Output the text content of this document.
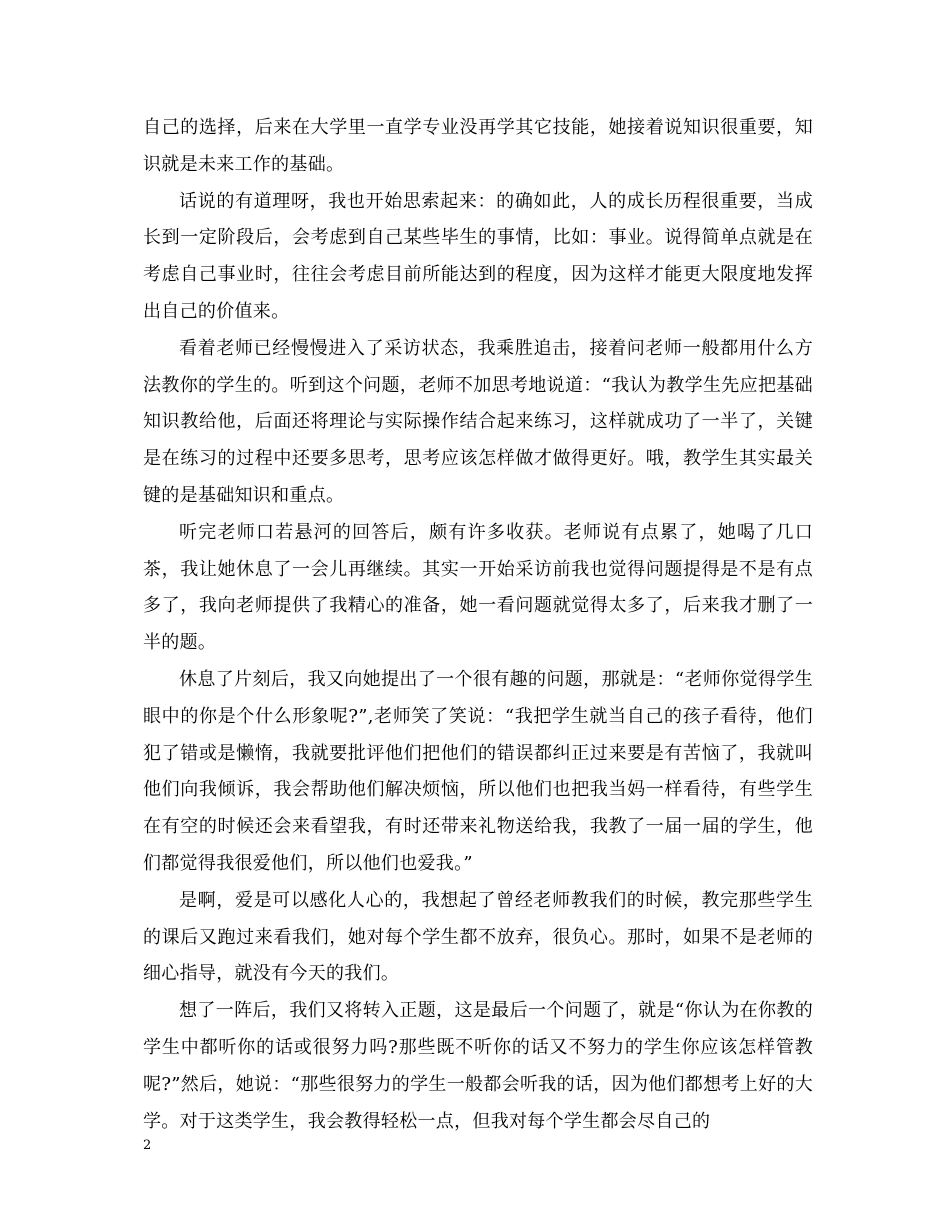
自己的选择，后来在大学里一直学专业没再学其它技能，她接着说知识很重要，知识就是未来工作的基础。

话说的有道理呀，我也开始思索起来：的确如此，人的成长历程很重要，当成长到一定阶段后，会考虑到自己某些毕生的事情，比如：事业。说得简单点就是在考虑自己事业时，往往会考虑目前所能达到的程度，因为这样才能更大限度地发挥出自己的价值来。

看着老师已经慢慢进入了采访状态，我乘胜追击，接着问老师一般都用什么方法教你的学生的。听到这个问题，老师不加思考地说道：“我认为教学生先应把基础知识教给他，后面还将理论与实际操作结合起来练习，这样就成功了一半了，关键是在练习的过程中还要多思考，思考应该怎样做才做得更好。哦，教学生其实最关键的是基础知识和重点。

听完老师口若悬河的回答后，颇有许多收获。老师说有点累了，她喝了几口茶，我让她休息了一会儿再继续。其实一开始采访前我也觉得问题提得是不是有点多了，我向老师提供了我精心的准备，她一看问题就觉得太多了，后来我才删了一半的题。

休息了片刻后，我又向她提出了一个很有趣的问题，那就是：“老师你觉得学生眼中的你是个什么形象呢?”,老师笑了笑说：“我把学生就当自己的孩子看待，他们犯了错或是懒惰，我就要批评他们把他们的错误都纠正过来要是有苦恼了，我就叫他们向我倾诉，我会帮助他们解决烦恼，所以他们也把我当妈一样看待，有些学生在有空的时候还会来看望我，有时还带来礼物送给我，我教了一届一届的学生，他们都觉得我很爱他们，所以他们也爱我。”

是啊，爱是可以感化人心的，我想起了曾经老师教我们的时候，教完那些学生的课后又跑过来看我们，她对每个学生都不放弃，很负心。那时，如果不是老师的细心指导，就没有今天的我们。

想了一阵后，我们又将转入正题，这是最后一个问题了，就是“你认为在你教的学生中都听你的话或很努力吗?那些既不听你的话又不努力的学生你应该怎样管教呢?”然后，她说：“那些很努力的学生一般都会听我的话，因为他们都想考上好的大学。对于这类学生，我会教得轻松一点，但我对每个学生都会尽自己的

2
